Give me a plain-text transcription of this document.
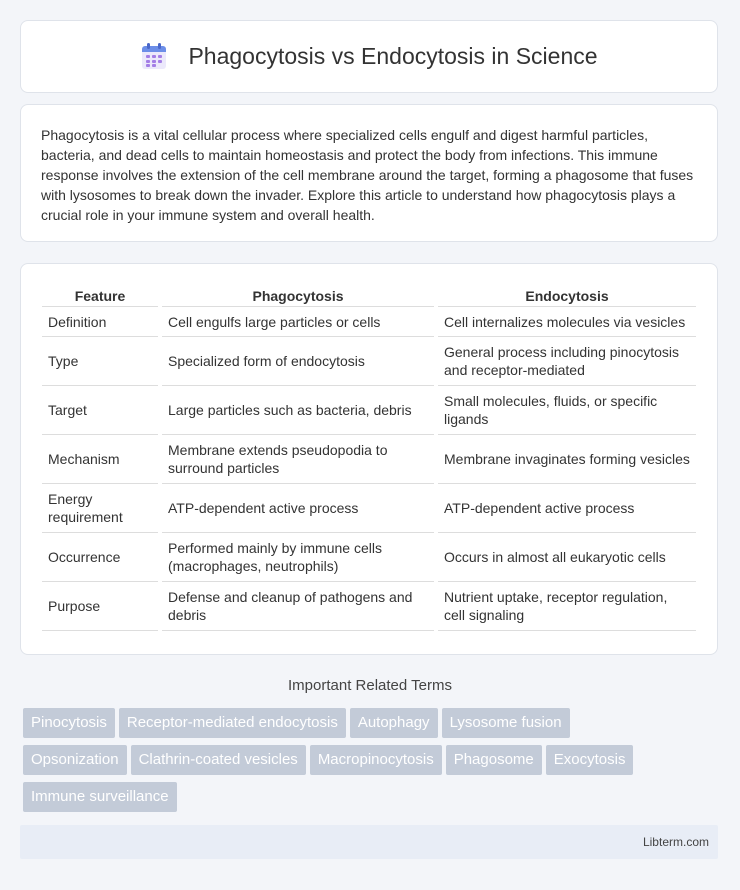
Phagocytosis vs Endocytosis in Science

Phagocytosis is a vital cellular process where specialized cells engulf and digest harmful particles, bacteria, and dead cells to maintain homeostasis and protect the body from infections. This immune response involves the extension of the cell membrane around the target, forming a phagosome that fuses with lysosomes to break down the invader. Explore this article to understand how phagocytosis plays a crucial role in your immune system and overall health.

Feature	Phagocytosis	Endocytosis
Definition	Cell engulfs large particles or cells	Cell internalizes molecules via vesicles
Type	Specialized form of endocytosis	General process including pinocytosis and receptor-mediated
Target	Large particles such as bacteria, debris	Small molecules, fluids, or specific ligands
Mechanism	Membrane extends pseudopodia to surround particles	Membrane invaginates forming vesicles
Energy requirement	ATP-dependent active process	ATP-dependent active process
Occurrence	Performed mainly by immune cells (macrophages, neutrophils)	Occurs in almost all eukaryotic cells
Purpose	Defense and cleanup of pathogens and debris	Nutrient uptake, receptor regulation, cell signaling
Important Related Terms
Pinocytosis Receptor-mediated endocytosis Autophagy Lysosome fusion
Opsonization Clathrin-coated vesicles Macropinocytosis Phagosome Exocytosis
Immune surveillance
Libterm.com
